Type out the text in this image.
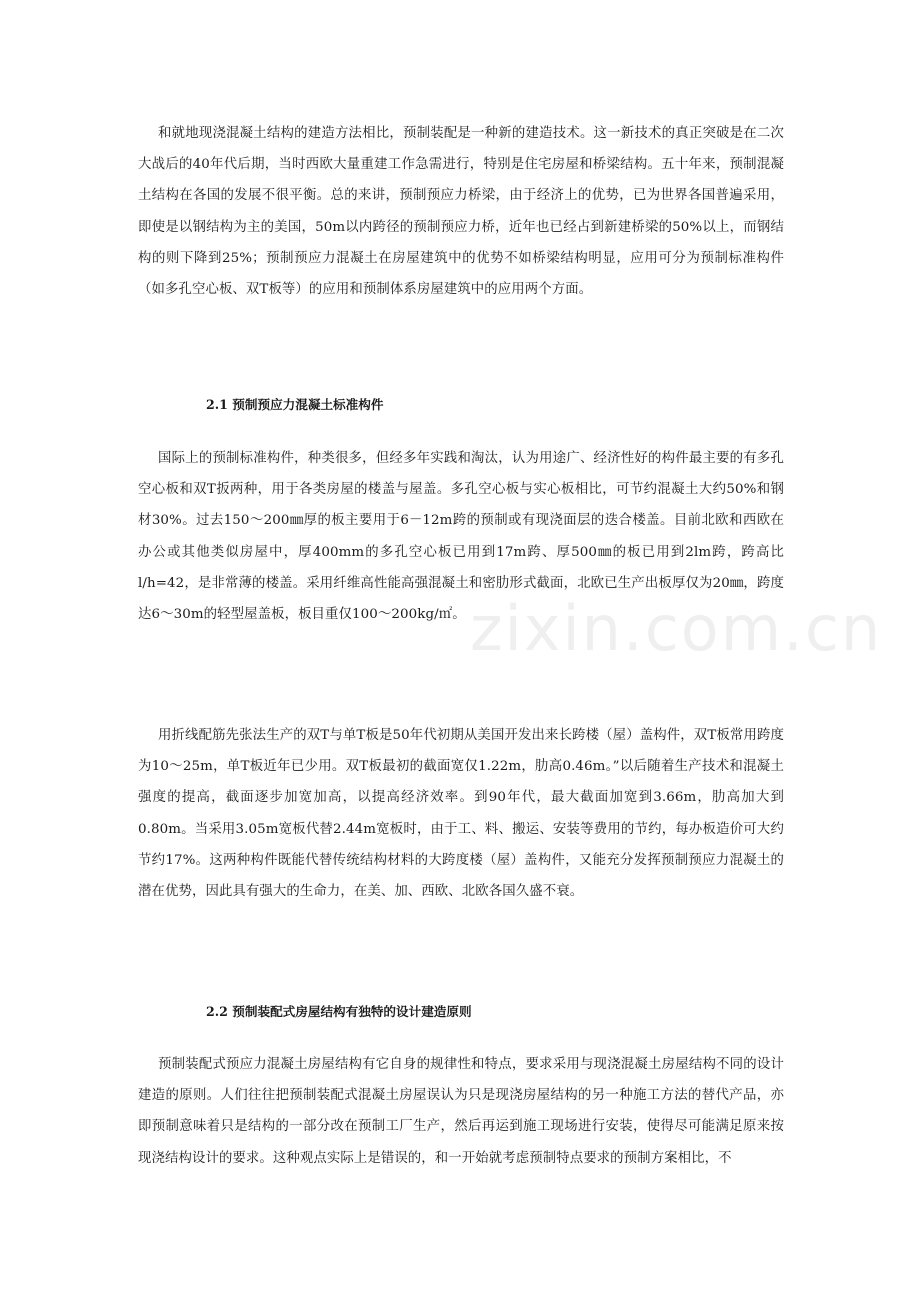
和就地现浇混凝土结构的建造方法相比，预制装配是一种新的建造技术。这一新技术的真正突破是在二次大战后的40年代后期，当时西欧大量重建工作急需进行，特别是住宅房屋和桥梁结构。五十年来，预制混凝土结构在各国的发展不很平衡。总的来讲，预制预应力桥梁，由于经济上的优势，已为世界各国普遍采用，即使是以钢结构为主的美国，50m以内跨径的预制预应力桥，近年也已经占到新建桥梁的50%以上，而钢结构的则下降到25%；预制预应力混凝土在房屋建筑中的优势不如桥梁结构明显，应用可分为预制标准构件（如多孔空心板、双T板等）的应用和预制体系房屋建筑中的应用两个方面。

2.1 预制预应力混凝土标准构件

国际上的预制标准构件，种类很多，但经多年实践和淘汰，认为用途广、经济性好的构件最主要的有多孔空心板和双T扳两种，用于各类房屋的楼盖与屋盖。多孔空心板与实心板相比，可节约混凝土大约50%和钢材30%。过去150～200㎜厚的板主要用于6－12m跨的预制或有现浇面层的迭合楼盖。目前北欧和西欧在办公或其他类似房屋中，厚400mm的多孔空心板已用到17m跨、厚500㎜的板已用到2lm跨，跨高比l/h=42，是非常薄的楼盖。采用纤维高性能高强混凝土和密肋形式截面，北欧已生产出板厚仅为20㎜，跨度达6～30m的轻型屋盖板，板目重仅100～200kg/㎡。

用折线配筋先张法生产的双T与单T板是50年代初期从美国开发出来长跨楼（屋）盖构件，双T板常用跨度为10～25m，单T板近年已少用。双T板最初的截面宽仅1.22m，肋高0.46m。”以后随着生产技术和混凝土强度的提高，截面逐步加宽加高，以提高经济效率。到90年代，最大截面加宽到3.66m，肋高加大到0.80m。当采用3.05m宽板代替2.44m宽板时，由于工、料、搬运、安装等费用的节约，每办板造价可大约节约17%。这两种构件既能代替传统结构材料的大跨度楼（屋）盖构件，又能充分发挥预制预应力混凝土的潜在优势，因此具有强大的生命力，在美、加、西欧、北欧各国久盛不衰。

2.2 预制装配式房屋结构有独特的设计建造原则

预制装配式预应力混凝土房屋结构有它自身的规律性和特点，要求采用与现浇混凝土房屋结构不同的设计建造的原则。人们往往把预制装配式混凝土房屋误认为只是现浇房屋结构的另一种施工方法的替代产品，亦即预制意味着只是结构的一部分改在预制工厂生产，然后再运到施工现场进行安装，使得尽可能满足原来按现浇结构设计的要求。这种观点实际上是错误的，和一开始就考虑预制特点要求的预制方案相比，不

zixin.com.cn
